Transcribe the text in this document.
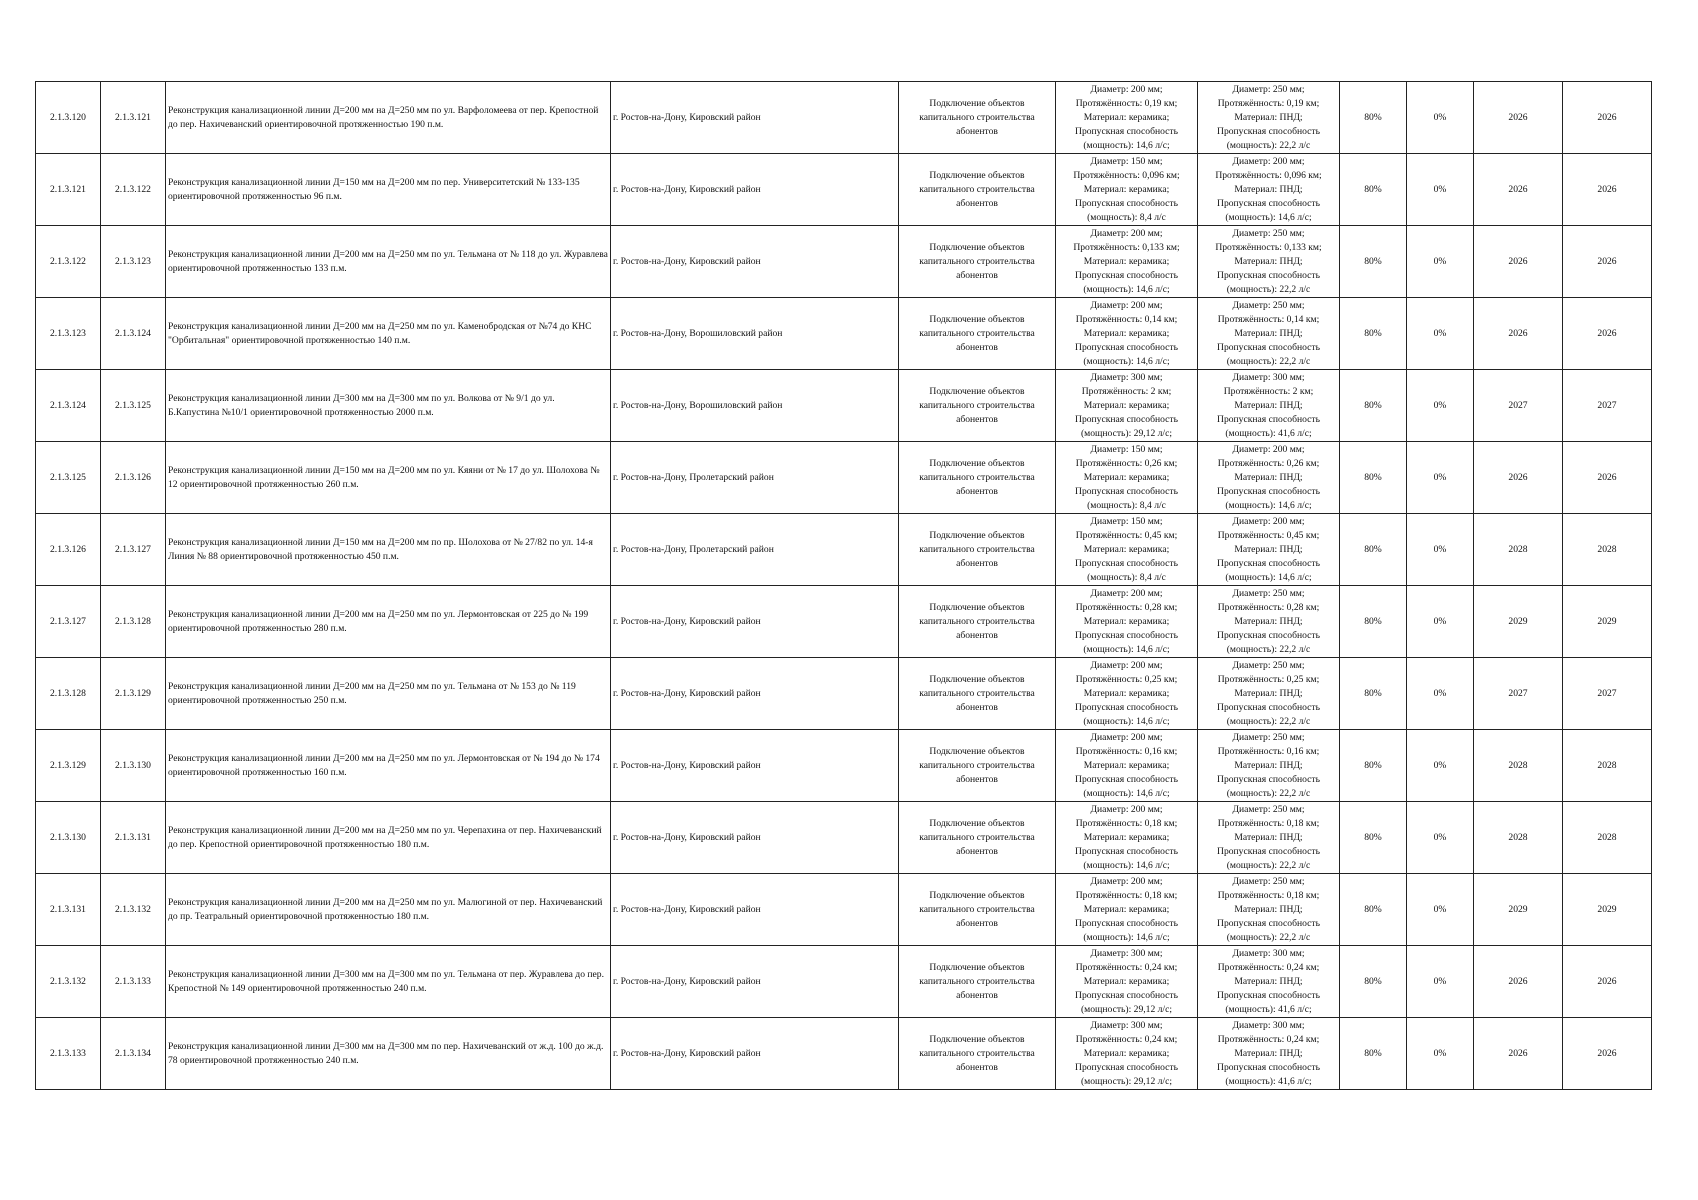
2.1.3.120	2.1.3.121	Реконструкция канализационной линии Д=200 мм на Д=250 мм по ул. Варфоломеева от пер. Крепостной до пер. Нахичеванский ориентировочной протяженностью 190 п.м.	г. Ростов-на-Дону, Кировский район	Подключение объектов капитального строительства абонентов	Диаметр: 200 мм;
Протяжённость: 0,19 км;
Материал: керамика;
Пропускная способность
(мощность): 14,6 л/с;	Диаметр: 250 мм;
Протяжённость: 0,19 км;
Материал: ПНД;
Пропускная способность
(мощность): 22,2 л/с	80%	0%	2026	2026
2.1.3.121	2.1.3.122	Реконструкция канализационной линии Д=150 мм на Д=200 мм по пер. Университетский № 133-135 ориентировочной протяженностью 96 п.м.	г. Ростов-на-Дону, Кировский район	Подключение объектов капитального строительства абонентов	Диаметр: 150 мм;
Протяжённость: 0,096 км;
Материал: керамика;
Пропускная способность
(мощность): 8,4 л/с	Диаметр: 200 мм;
Протяжённость: 0,096 км;
Материал: ПНД;
Пропускная способность
(мощность): 14,6 л/с;	80%	0%	2026	2026
2.1.3.122	2.1.3.123	Реконструкция канализационной линии Д=200 мм на Д=250 мм по ул. Тельмана от № 118 до ул. Журавлева ориентировочной протяженностью 133 п.м.	г. Ростов-на-Дону, Кировский район	Подключение объектов капитального строительства абонентов	Диаметр: 200 мм;
Протяжённость: 0,133 км;
Материал: керамика;
Пропускная способность
(мощность): 14,6 л/с;	Диаметр: 250 мм;
Протяжённость: 0,133 км;
Материал: ПНД;
Пропускная способность
(мощность): 22,2 л/с	80%	0%	2026	2026
2.1.3.123	2.1.3.124	Реконструкция канализационной линии Д=200 мм на Д=250 мм по ул. Каменобродская от №74 до КНС "Орбитальная" ориентировочной протяженностью 140 п.м.	г. Ростов-на-Дону, Ворошиловский район	Подключение объектов капитального строительства абонентов	Диаметр: 200 мм;
Протяжённость: 0,14 км;
Материал: керамика;
Пропускная способность
(мощность): 14,6 л/с;	Диаметр: 250 мм;
Протяжённость: 0,14 км;
Материал: ПНД;
Пропускная способность
(мощность): 22,2 л/с	80%	0%	2026	2026
2.1.3.124	2.1.3.125	Реконструкция канализационной линии Д=300 мм на Д=300 мм по ул. Волкова от № 9/1 до ул. Б.Капустина №10/1 ориентировочной протяженностью 2000 п.м.	г. Ростов-на-Дону, Ворошиловский район	Подключение объектов капитального строительства абонентов	Диаметр: 300 мм;
Протяжённость: 2 км;
Материал: керамика;
Пропускная способность
(мощность): 29,12 л/с;	Диаметр: 300 мм;
Протяжённость: 2 км;
Материал: ПНД;
Пропускная способность
(мощность): 41,6 л/с;	80%	0%	2027	2027
2.1.3.125	2.1.3.126	Реконструкция канализационной линии Д=150 мм на Д=200 мм по ул. Кяяни от № 17 до ул. Шолохова № 12 ориентировочной протяженностью 260 п.м.	г. Ростов-на-Дону, Пролетарский район	Подключение объектов капитального строительства абонентов	Диаметр: 150 мм;
Протяжённость: 0,26 км;
Материал: керамика;
Пропускная способность
(мощность): 8,4 л/с	Диаметр: 200 мм;
Протяжённость: 0,26 км;
Материал: ПНД;
Пропускная способность
(мощность): 14,6 л/с;	80%	0%	2026	2026
2.1.3.126	2.1.3.127	Реконструкция канализационной линии Д=150 мм на Д=200 мм по пр. Шолохова от № 27/82 по ул. 14-я Линия № 88 ориентировочной протяженностью 450 п.м.	г. Ростов-на-Дону, Пролетарский район	Подключение объектов капитального строительства абонентов	Диаметр: 150 мм;
Протяжённость: 0,45 км;
Материал: керамика;
Пропускная способность
(мощность): 8,4 л/с	Диаметр: 200 мм;
Протяжённость: 0,45 км;
Материал: ПНД;
Пропускная способность
(мощность): 14,6 л/с;	80%	0%	2028	2028
2.1.3.127	2.1.3.128	Реконструкция канализационной линии Д=200 мм на Д=250 мм по ул. Лермонтовская от 225 до № 199 ориентировочной протяженностью 280 п.м.	г. Ростов-на-Дону, Кировский район	Подключение объектов капитального строительства абонентов	Диаметр: 200 мм;
Протяжённость: 0,28 км;
Материал: керамика;
Пропускная способность
(мощность): 14,6 л/с;	Диаметр: 250 мм;
Протяжённость: 0,28 км;
Материал: ПНД;
Пропускная способность
(мощность): 22,2 л/с	80%	0%	2029	2029
2.1.3.128	2.1.3.129	Реконструкция канализационной линии Д=200 мм на Д=250 мм по ул. Тельмана от № 153 до № 119 ориентировочной протяженностью 250 п.м.	г. Ростов-на-Дону, Кировский район	Подключение объектов капитального строительства абонентов	Диаметр: 200 мм;
Протяжённость: 0,25 км;
Материал: керамика;
Пропускная способность
(мощность): 14,6 л/с;	Диаметр: 250 мм;
Протяжённость: 0,25 км;
Материал: ПНД;
Пропускная способность
(мощность): 22,2 л/с	80%	0%	2027	2027
2.1.3.129	2.1.3.130	Реконструкция канализационной линии Д=200 мм на Д=250 мм по ул. Лермонтовская от № 194 до № 174 ориентировочной протяженностью 160 п.м.	г. Ростов-на-Дону, Кировский район	Подключение объектов капитального строительства абонентов	Диаметр: 200 мм;
Протяжённость: 0,16 км;
Материал: керамика;
Пропускная способность
(мощность): 14,6 л/с;	Диаметр: 250 мм;
Протяжённость: 0,16 км;
Материал: ПНД;
Пропускная способность
(мощность): 22,2 л/с	80%	0%	2028	2028
2.1.3.130	2.1.3.131	Реконструкция канализационной линии Д=200 мм на Д=250 мм по ул. Черепахина от пер. Нахичеванский до пер. Крепостной ориентировочной протяженностью 180 п.м.	г. Ростов-на-Дону, Кировский район	Подключение объектов капитального строительства абонентов	Диаметр: 200 мм;
Протяжённость: 0,18 км;
Материал: керамика;
Пропускная способность
(мощность): 14,6 л/с;	Диаметр: 250 мм;
Протяжённость: 0,18 км;
Материал: ПНД;
Пропускная способность
(мощность): 22,2 л/с	80%	0%	2028	2028
2.1.3.131	2.1.3.132	Реконструкция канализационной линии Д=200 мм на Д=250 мм по ул. Малюгиной от пер. Нахичеванский до пр. Театральный ориентировочной протяженностью 180 п.м.	г. Ростов-на-Дону, Кировский район	Подключение объектов капитального строительства абонентов	Диаметр: 200 мм;
Протяжённость: 0,18 км;
Материал: керамика;
Пропускная способность
(мощность): 14,6 л/с;	Диаметр: 250 мм;
Протяжённость: 0,18 км;
Материал: ПНД;
Пропускная способность
(мощность): 22,2 л/с	80%	0%	2029	2029
2.1.3.132	2.1.3.133	Реконструкция канализационной линии Д=300 мм на Д=300 мм по ул. Тельмана от пер. Журавлева до пер. Крепостной № 149 ориентировочной протяженностью 240 п.м.	г. Ростов-на-Дону, Кировский район	Подключение объектов капитального строительства абонентов	Диаметр: 300 мм;
Протяжённость: 0,24 км;
Материал: керамика;
Пропускная способность
(мощность): 29,12 л/с;	Диаметр: 300 мм;
Протяжённость: 0,24 км;
Материал: ПНД;
Пропускная способность
(мощность): 41,6 л/с;	80%	0%	2026	2026
2.1.3.133	2.1.3.134	Реконструкция канализационной линии Д=300 мм на Д=300 мм по пер. Нахичеванский от ж.д. 100 до ж.д. 78 ориентировочной протяженностью 240 п.м.	г. Ростов-на-Дону, Кировский район	Подключение объектов капитального строительства абонентов	Диаметр: 300 мм;
Протяжённость: 0,24 км;
Материал: керамика;
Пропускная способность
(мощность): 29,12 л/с;	Диаметр: 300 мм;
Протяжённость: 0,24 км;
Материал: ПНД;
Пропускная способность
(мощность): 41,6 л/с;	80%	0%	2026	2026
